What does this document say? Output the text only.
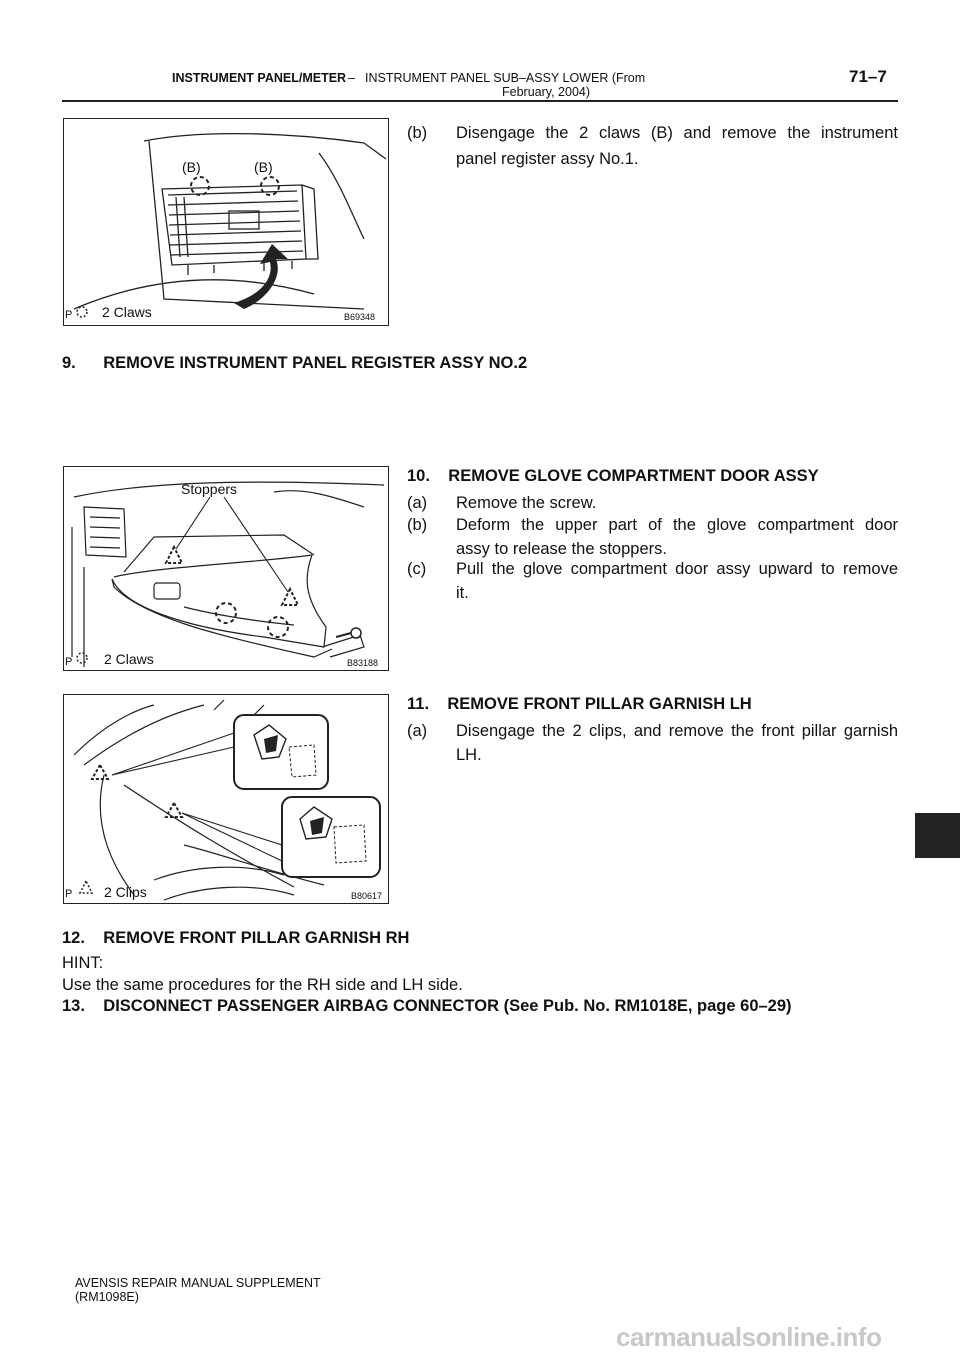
INSTRUMENT PANEL/METER – INSTRUMENT PANEL SUB–ASSY LOWER (From
February, 2004)
71–7
(B)	(B)
P 2 Claws	B69348
(b) Disengage the 2 claws (B) and remove the instrument
panel register assy No.1.
9.      REMOVE INSTRUMENT PANEL REGISTER ASSY NO.2
Stoppers
P 2 Claws	B83188
10.    REMOVE GLOVE COMPARTMENT DOOR ASSY
(a) Remove the screw.
(b) Deform the upper part of the glove compartment door
assy to release the stoppers.
(c) Pull the glove compartment door assy upward to remove
it.
P 2 Clips	B80617
11.    REMOVE FRONT PILLAR GARNISH LH
(a) Disengage the 2 clips, and remove the front pillar garnish
LH.
12.    REMOVE FRONT PILLAR GARNISH RH
HINT:
Use the same procedures for the RH side and LH side.
13.    DISCONNECT PASSENGER AIRBAG CONNECTOR (See Pub. No. RM1018E, page 60–29)
AVENSIS REPAIR MANUAL SUPPLEMENT
(RM1098E)
carmanualsonline.info
